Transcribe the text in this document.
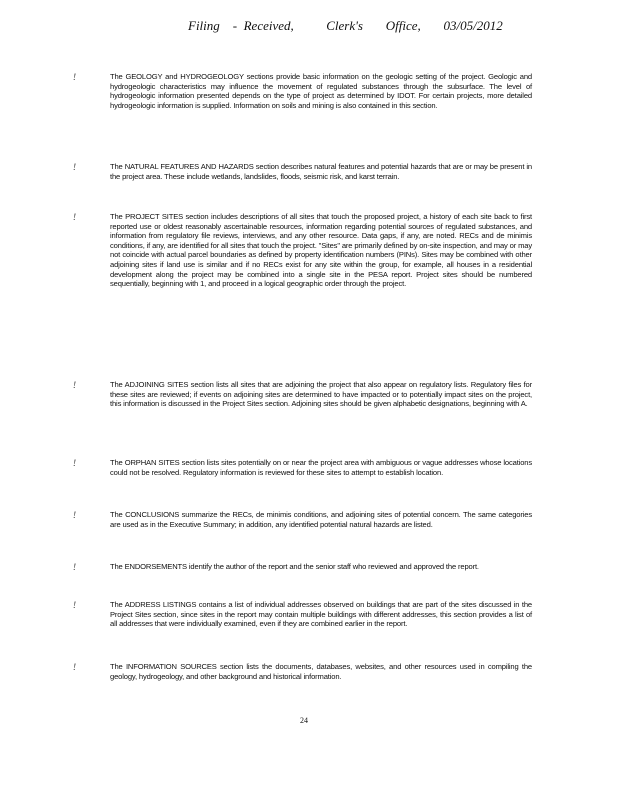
Filing    -  Received,          Clerk's       Office,       03/05/2012
!	The GEOLOGY and HYDROGEOLOGY sections provide basic information on the geologic setting of the project. Geologic and hydrogeologic characteristics may influence the movement of regulated substances through the subsurface. The level of hydrogeologic information presented depends on the type of project as determined by IDOT. For certain projects, more detailed hydrogeologic information is supplied. Information on soils and mining is also contained in this section.
!	The NATURAL FEATURES AND HAZARDS section describes natural features and potential hazards that are or may be present in the project area. These include wetlands, landslides, floods, seismic risk, and karst terrain.
!	The PROJECT SITES section includes descriptions of all sites that touch the proposed project, a history of each site back to first reported use or oldest reasonably ascertainable resources, information regarding potential sources of regulated substances, and information from regulatory file reviews, interviews, and any other resource. Data gaps, if any, are noted. RECs and de minimis conditions, if any, are identified for all sites that touch the project. "Sites" are primarily defined by on-site inspection, and may or may not coincide with actual parcel boundaries as defined by property identification numbers (PINs). Sites may be combined with other adjoining sites if land use is similar and if no RECs exist for any site within the group, for example, all houses in a residential development along the project may be combined into a single site in the PESA report. Project sites should be numbered sequentially, beginning with 1, and proceed in a logical geographic order through the project.
!	The ADJOINING SITES section lists all sites that are adjoining the project that also appear on regulatory lists. Regulatory files for these sites are reviewed; if events on adjoining sites are determined to have impacted or to potentially impact sites on the project, this information is discussed in the Project Sites section. Adjoining sites should be given alphabetic designations, beginning with A.
!	The ORPHAN SITES section lists sites potentially on or near the project area with ambiguous or vague addresses whose locations could not be resolved. Regulatory information is reviewed for these sites to attempt to establish location.
!	The CONCLUSIONS summarize the RECs, de minimis conditions, and adjoining sites of potential concern. The same categories are used as in the Executive Summary; in addition, any identified potential natural hazards are listed.
!	The ENDORSEMENTS identify the author of the report and the senior staff who reviewed and approved the report.
!	The ADDRESS LISTINGS contains a list of individual addresses observed on buildings that are part of the sites discussed in the Project Sites section, since sites in the report may contain multiple buildings with different addresses, this section provides a list of all addresses that were individually examined, even if they are combined earlier in the report.
!	The INFORMATION SOURCES section lists the documents, databases, websites, and other resources used in compiling the geology, hydrogeology, and other background and historical information.
24
